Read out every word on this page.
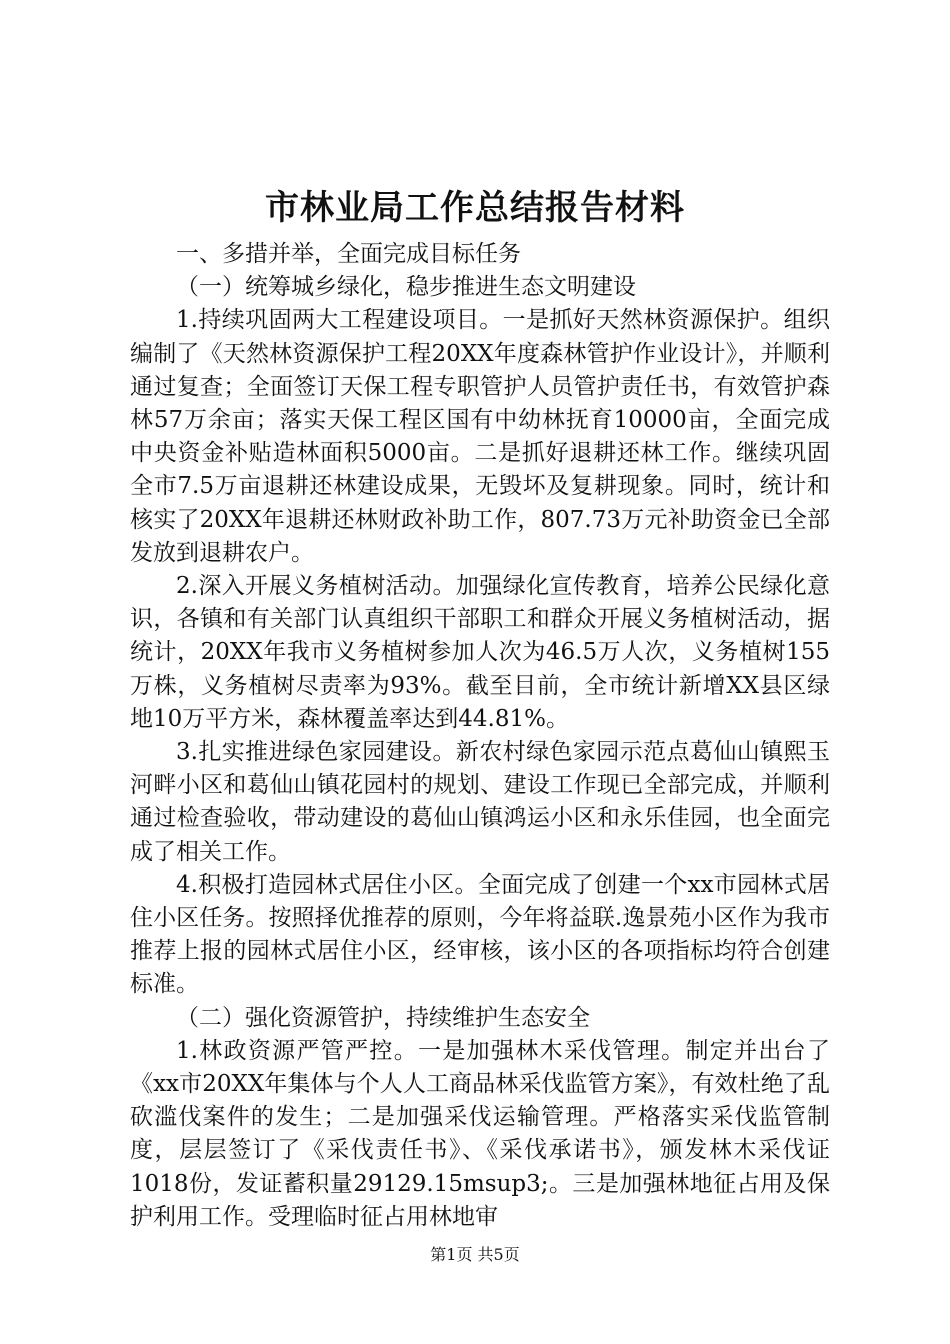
市林业局工作总结报告材料

一、多措并举，全面完成目标任务

（一）统筹城乡绿化，稳步推进生态文明建设

1.持续巩固两大工程建设项目。一是抓好天然林资源保护。组织编制了《天然林资源保护工程20XX年度森林管护作业设计》，并顺利通过复查；全面签订天保工程专职管护人员管护责任书，有效管护森林57万余亩；落实天保工程区国有中幼林抚育10000亩，全面完成中央资金补贴造林面积5000亩。二是抓好退耕还林工作。继续巩固全市7.5万亩退耕还林建设成果，无毁坏及复耕现象。同时，统计和核实了20XX年退耕还林财政补助工作，807.73万元补助资金已全部发放到退耕农户。

2.深入开展义务植树活动。加强绿化宣传教育，培养公民绿化意识，各镇和有关部门认真组织干部职工和群众开展义务植树活动，据统计，20XX年我市义务植树参加人次为46.5万人次，义务植树155万株，义务植树尽责率为93%。截至目前，全市统计新增XX县区绿地10万平方米，森林覆盖率达到44.81%。

3.扎实推进绿色家园建设。新农村绿色家园示范点葛仙山镇熙玉河畔小区和葛仙山镇花园村的规划、建设工作现已全部完成，并顺利通过检查验收，带动建设的葛仙山镇鸿运小区和永乐佳园，也全面完成了相关工作。

4.积极打造园林式居住小区。全面完成了创建一个xx市园林式居住小区任务。按照择优推荐的原则，今年将益联.逸景苑小区作为我市推荐上报的园林式居住小区，经审核，该小区的各项指标均符合创建标准。

（二）强化资源管护，持续维护生态安全

1.林政资源严管严控。一是加强林木采伐管理。制定并出台了《xx市20XX年集体与个人人工商品林采伐监管方案》，有效杜绝了乱砍滥伐案件的发生；二是加强采伐运输管理。严格落实采伐监管制度，层层签订了《采伐责任书》、《采伐承诺书》，颁发林木采伐证1018份，发证蓄积量29129.15msup3;。三是加强林地征占用及保护利用工作。受理临时征占用林地审

第1页 共5页
